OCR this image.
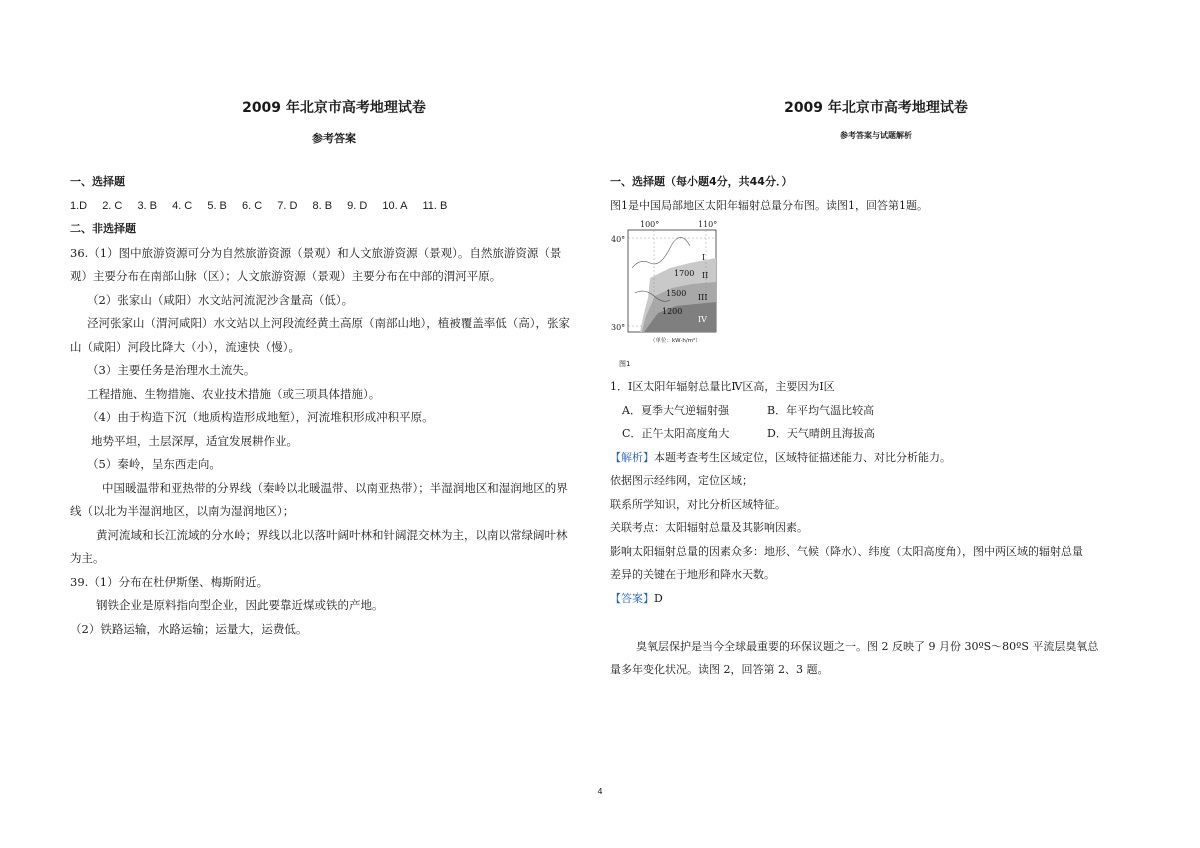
2009 年北京市高考地理试卷
参考答案
一、选择题
1.D 2. C 3. B 4. C 5. B 6. C 7. D 8. B 9. D 10. A 11. B
二、非选择题
36.（1）图中旅游资源可分为自然旅游资源（景观）和人文旅游资源（景观）。自然旅游资源（景
观）主要分布在南部山脉（区）；人文旅游资源（景观）主要分布在中部的渭河平原。
（2）张家山（咸阳）水文站河流泥沙含量高（低）。
泾河张家山（渭河咸阳）水文站以上河段流经黄土高原（南部山地），植被覆盖率低（高），张家
山（咸阳）河段比降大（小），流速快（慢）。
（3）主要任务是治理水土流失。
工程措施、生物措施、农业技术措施（或三项具体措施）。
（4）由于构造下沉（地质构造形成地堑），河流堆积形成冲积平原。
地势平坦，土层深厚，适宜发展耕作业。
（5）秦岭，呈东西走向。
中国暖温带和亚热带的分界线（秦岭以北暖温带、以南亚热带）；半湿润地区和湿润地区的界
线（以北为半湿润地区，以南为湿润地区）；
黄河流域和长江流域的分水岭；界线以北以落叶阔叶林和针阔混交林为主，以南以常绿阔叶林
为主。
39.（1）分布在杜伊斯堡、梅斯附近。
钢铁企业是原料指向型企业，因此要靠近煤或铁的产地。
（2）铁路运输，水路运输；运量大，运费低。
2009 年北京市高考地理试卷
参考答案与试题解析
一、选择题（每小题4分，共44分．）
图1是中国局部地区太阳年辐射总量分布图。读图1，回答第1题。
100°	110°
40°
30°
1700
1500
1200
I
II
III
IV
（单位：kW·h/m²）
图1
1．Ⅰ区太阳年辐射总量比Ⅳ区高，主要因为Ⅰ区
A．夏季大气逆辐射强	B．年平均气温比较高
C．正午太阳高度角大	D．天气晴朗且海拔高
【解析】本题考查考生区域定位，区域特征描述能力、对比分析能力。
依据图示经纬网，定位区域；
联系所学知识，对比分析区域特征。
关联考点：太阳辐射总量及其影响因素。
影响太阳辐射总量的因素众多：地形、气候（降水）、纬度（太阳高度角），图中两区域的辐射总量
差异的关键在于地形和降水天数。
【答案】D
臭氧层保护是当今全球最重要的环保议题之一。图 2 反映了 9 月份 30ºS～80ºS 平流层臭氧总
量多年变化状况。读图 2，回答第 2、3 题。
4
